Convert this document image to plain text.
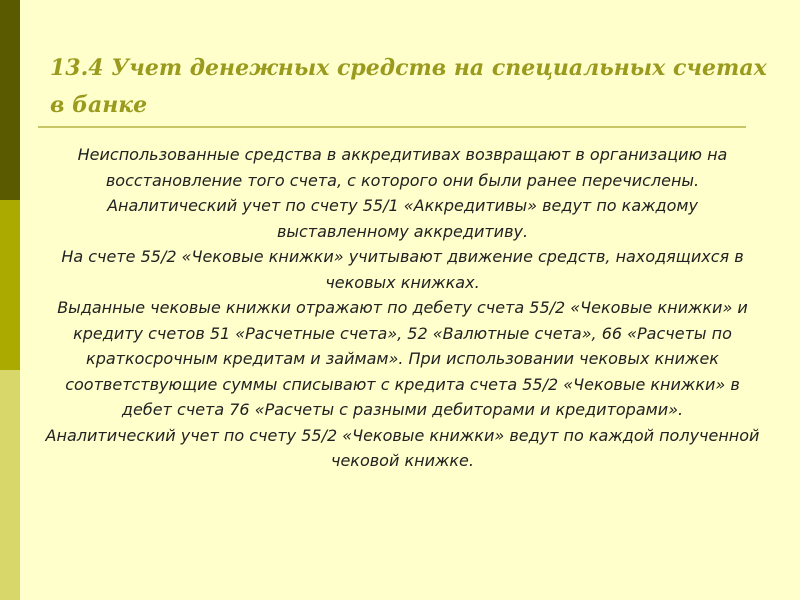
13.4 Учет денежных средств на специальных счетах в банке

Неиспользованные средства в аккредитивах возвращают в организацию на восстановление того счета, с которого они были ранее перечислены. Аналитический учет по счету 55/1 «Аккредитивы» ведут по каждому выставленному аккредитиву.

На счете 55/2 «Чековые книжки» учитывают движение средств, находящихся в чековых книжках.

Выданные чековые книжки отражают по дебету счета 55/2 «Чековые книжки» и кредиту счетов 51 «Расчетные счета», 52 «Валютные счета», 66 «Расчеты по краткосрочным кредитам и займам». При использовании чековых книжек соответствующие суммы списывают с кредита счета 55/2 «Чековые книжки» в дебет счета 76 «Расчеты с разными дебиторами и кредиторами».

Аналитический учет по счету 55/2 «Чековые книжки» ведут по каждой полученной чековой книжке.
